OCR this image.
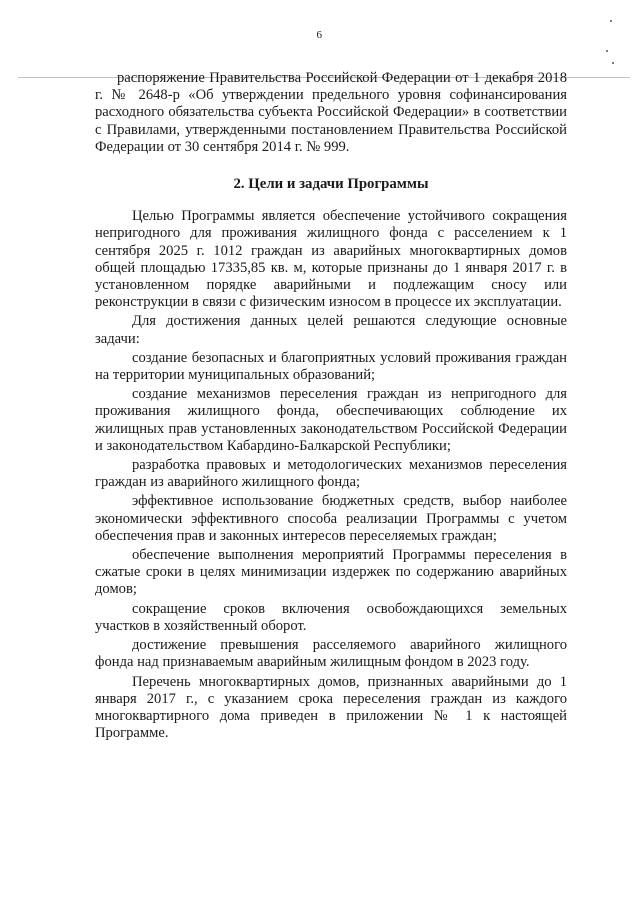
6

распоряжение Правительства Российской Федерации от 1 декабря 2018 г. № 2648-р «Об утверждении предельного уровня софинансирования расходного обязательства субъекта Российской Федерации» в соответствии с Правилами, утвержденными постановлением Правительства Российской Федерации от 30 сентября 2014 г. № 999.

2. Цели и задачи Программы

Целью Программы является обеспечение устойчивого сокращения непригодного для проживания жилищного фонда с расселением к 1 сентября 2025 г. 1012 граждан из аварийных многоквартирных домов общей площадью 17335,85 кв. м, которые признаны до 1 января 2017 г. в установленном порядке аварийными и подлежащим сносу или реконструкции в связи с физическим износом в процессе их эксплуатации.

Для достижения данных целей решаются следующие основные задачи:

создание безопасных и благоприятных условий проживания граждан на территории муниципальных образований;

создание механизмов переселения граждан из непригодного для проживания жилищного фонда, обеспечивающих соблюдение их жилищных прав установленных законодательством Российской Федерации и законодательством Кабардино-Балкарской Республики;

разработка правовых и методологических механизмов переселения граждан из аварийного жилищного фонда;

эффективное использование бюджетных средств, выбор наиболее экономически эффективного способа реализации Программы с учетом обеспечения прав и законных интересов переселяемых граждан;

обеспечение выполнения мероприятий Программы переселения в сжатые сроки в целях минимизации издержек по содержанию аварийных домов;

сокращение сроков включения освобождающихся земельных участков в хозяйственный оборот.

достижение превышения расселяемого аварийного жилищного фонда над признаваемым аварийным жилищным фондом в 2023 году.

Перечень многоквартирных домов, признанных аварийными до 1 января 2017 г., с указанием срока переселения граждан из каждого многоквартирного дома приведен в приложении № 1 к настоящей Программе.
